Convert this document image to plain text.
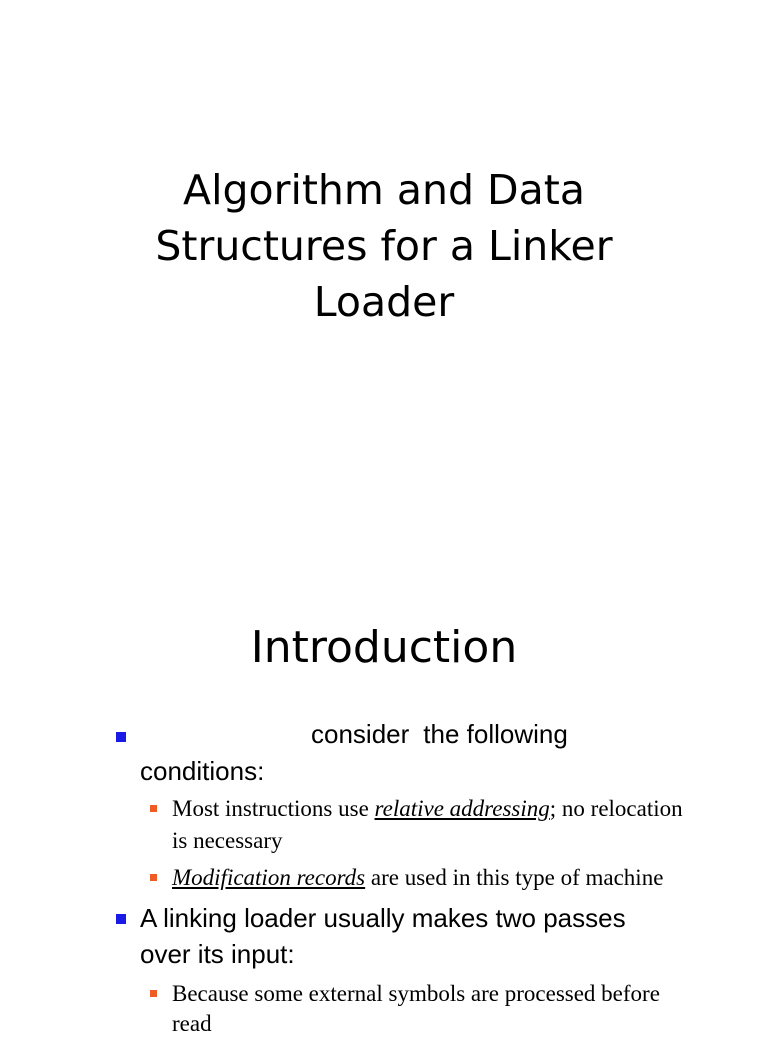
Algorithm and Data
Structures for a Linker
Loader
Introduction
consider the following
conditions:
Most instructions use relative addressing; no relocation
is necessary
Modification records are used in this type of machine
A linking loader usually makes two passes
over its input:
Because some external symbols are processed before
read
